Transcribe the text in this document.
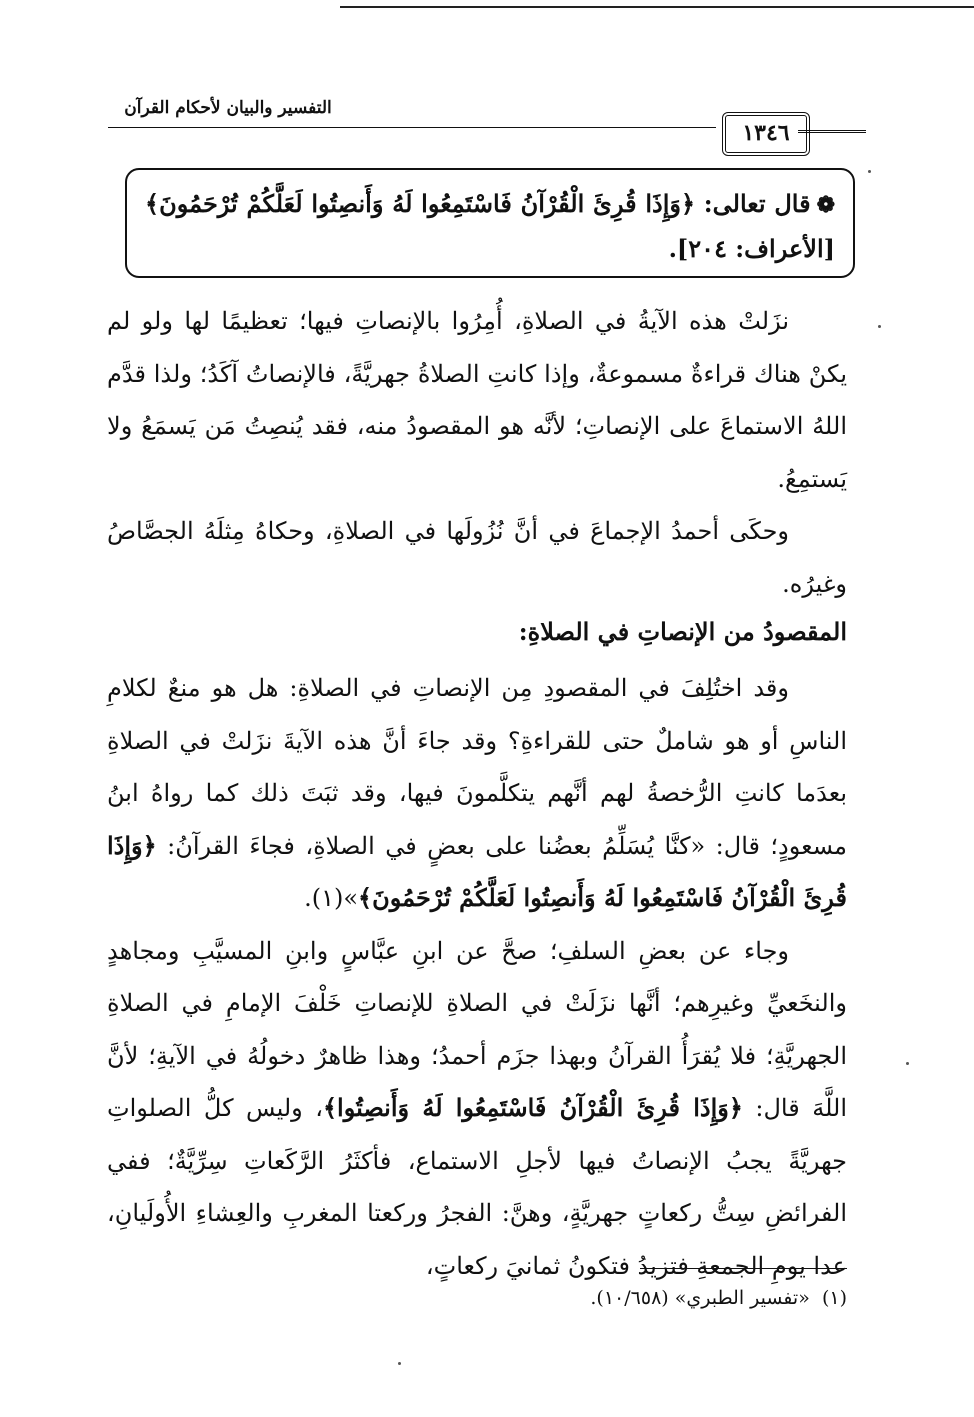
التفسير والبيان لأحكام القرآن
١٣٤٦
❁قال تعالى: ﴿وَإِذَا قُرِئَ الْقُرْآنُ فَاسْتَمِعُوا لَهُ وَأَنصِتُوا لَعَلَّكُمْ تُرْحَمُونَ﴾ [الأعراف: ٢٠٤].

نزَلتْ هذه الآيةُ في الصلاةِ، أُمِرُوا بالإنصاتِ فيها؛ تعظيمًا لها ولو لم يكنْ هناك قراءةٌ مسموعةٌ، وإذا كانتِ الصلاةُ جهريَّةً، فالإنصاتُ آكَدُ؛ ولذا قدَّم اللهُ الاستماعَ على الإنصاتِ؛ لأنَّه هو المقصودُ منه، فقد يُنصِتُ مَن يَسمَعُ ولا يَستمِعُ.

وحكَى أحمدُ الإجماعَ في أنَّ نُزُولَها في الصلاةِ، وحكاهُ مِثلَهُ الجصَّاصُ وغيرُه.

المقصودُ من الإنصاتِ في الصلاةِ:

وقد اختُلِفَ في المقصودِ مِن الإنصاتِ في الصلاةِ: هل هو منعٌ لكلامِ الناسِ أو هو شاملٌ حتى للقراءةِ؟ وقد جاءَ أنَّ هذه الآيةَ نزَلتْ في الصلاةِ بعدَما كانتِ الرُّخصةُ لهم أنَّهم يتكلَّمونَ فيها، وقد ثبَتَ ذلك كما رواهُ ابنُ مسعودٍ؛ قال: «كنَّا يُسَلِّمُ بعضُنا على بعضٍ في الصلاةِ، فجاءَ القرآنُ: ﴿وَإِذَا قُرِئَ الْقُرْآنُ فَاسْتَمِعُوا لَهُ وَأَنصِتُوا لَعَلَّكُمْ تُرْحَمُونَ﴾»(١).

وجاء عن بعضِ السلفِ؛ صحَّ عن ابنِ عبَّاسٍ وابنِ المسيَّبِ ومجاهدٍ والنخَعيِّ وغيرِهم؛ أنَّها نزَلَتْ في الصلاةِ للإنصاتِ خَلْفَ الإمامِ في الصلاةِ الجهريَّةِ؛ فلا يُقرَأُ القرآنُ وبهذا جزَم أحمدُ؛ وهذا ظاهرٌ دخولُهُ في الآيةِ؛ لأنَّ اللَّهَ قال: ﴿وَإِذَا قُرِئَ الْقُرْآنُ فَاسْتَمِعُوا لَهُ وَأَنصِتُوا﴾، وليس كلُّ الصلواتِ جهريَّةً يجبُ الإنصاتُ فيها لأجلِ الاستماع، فأكثَرُ الرَّكَعاتِ سِرِّيَّةٌ؛ ففي الفرائضِ سِتُّ ركعاتٍ جهريَّةٍ، وهنَّ: الفجرُ وركعتا المغربِ والعِشاءِ الأُولَيانِ، عدا يومِ الجمعةِ فتزيدُ فتكونُ ثمانيَ ركعاتٍ،

(١)  «تفسير الطبري» (١٠/٦٥٨).
